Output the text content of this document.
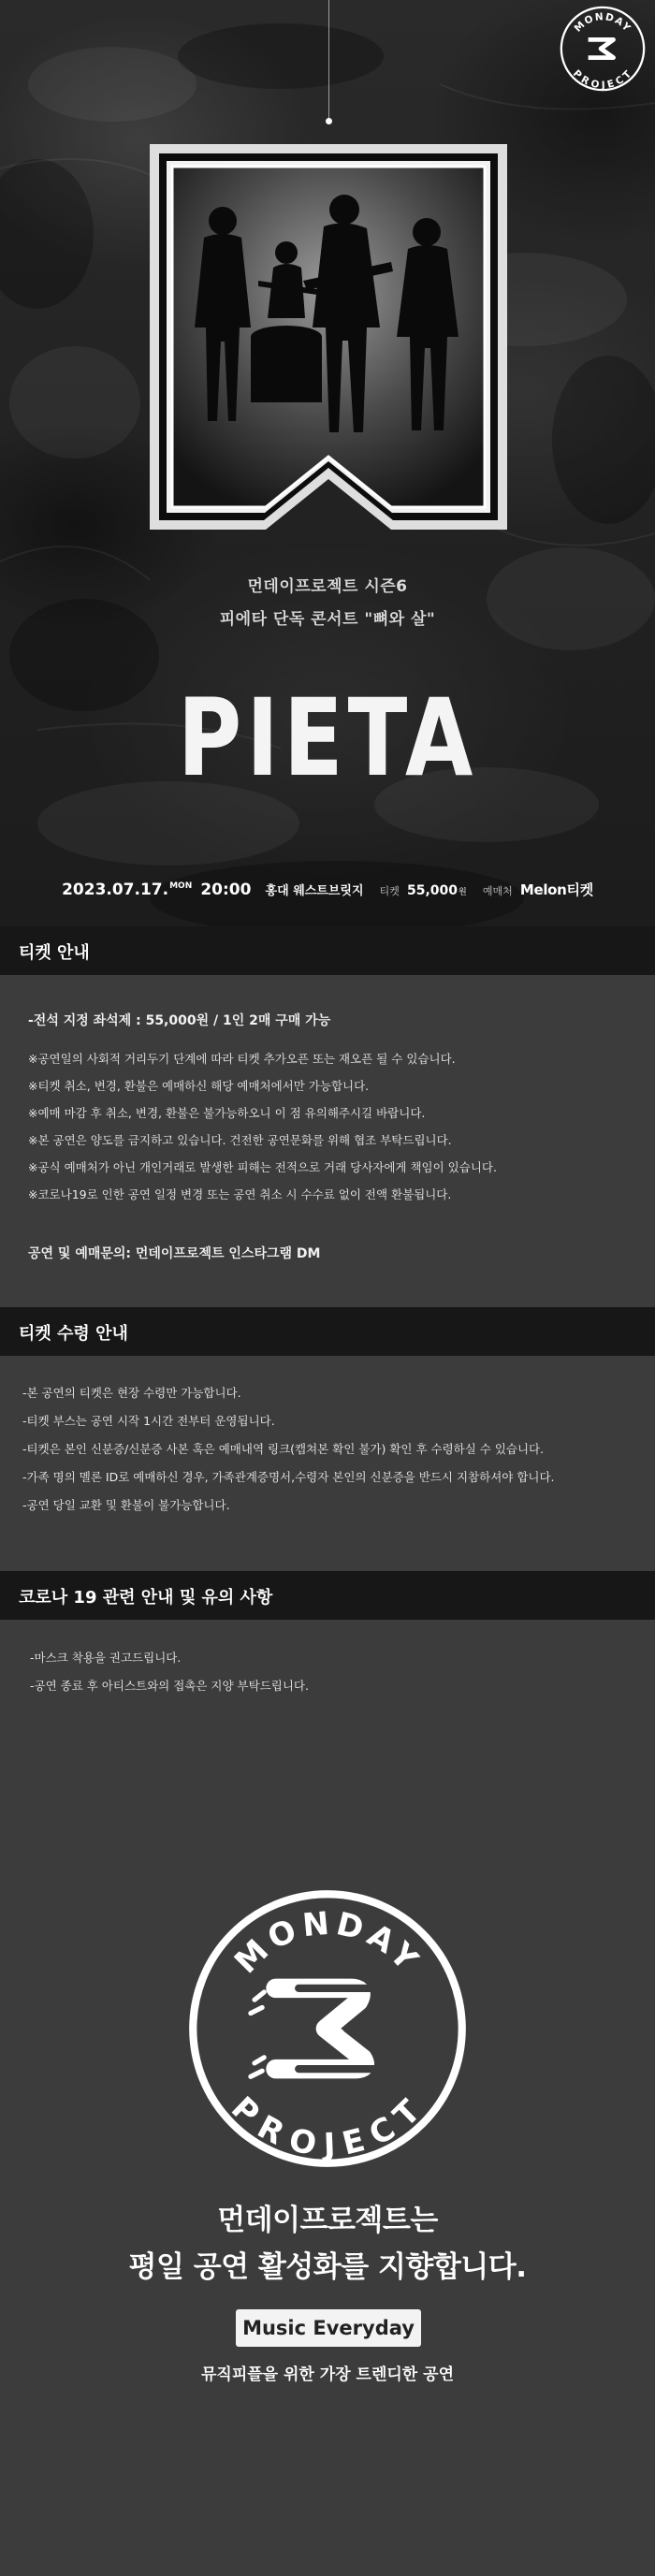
MONDAY
PROJECT
먼데이프로젝트 시즌6
피에타 단독 콘서트 "뼈와 살"
PIETA
2023.07.17.MON 20:00 홍대 웨스트브릿지 티켓 55,000원 예매처 Melon티켓
티켓 안내
-전석 지정 좌석제 : 55,000원 / 1인 2매 구매 가능
※공연일의 사회적 거리두기 단계에 따라 티켓 추가오픈 또는 재오픈 될 수 있습니다.
※티켓 취소, 변경, 환불은 예매하신 해당 예매처에서만 가능합니다.
※예매 마감 후 취소, 변경, 환불은 불가능하오니 이 점 유의해주시길 바랍니다.
※본 공연은 양도를 금지하고 있습니다. 건전한 공연문화를 위해 협조 부탁드립니다.
※공식 예매처가 아닌 개인거래로 발생한 피해는 전적으로 거래 당사자에게 책임이 있습니다.
※코로나19로 인한 공연 일정 변경 또는 공연 취소 시 수수료 없이 전액 환불됩니다.
공연 및 예매문의: 먼데이프로젝트 인스타그램 DM
티켓 수령 안내
-본 공연의 티켓은 현장 수령만 가능합니다.
-티켓 부스는 공연 시작 1시간 전부터 운영됩니다.
-티켓은 본인 신분증/신분증 사본 혹은 예매내역 링크(캡쳐본 확인 불가) 확인 후 수령하실 수 있습니다.
-가족 명의 멜론 ID로 예매하신 경우, 가족관계증명서,수령자 본인의 신분증을 반드시 지참하셔야 합니다.
-공연 당일 교환 및 환불이 불가능합니다.
코로나 19 관련 안내 및 유의 사항
-마스크 착용을 권고드립니다.
-공연 종료 후 아티스트와의 접촉은 지양 부탁드립니다.
MONDAY
PROJECT
먼데이프로젝트는
평일 공연 활성화를 지향합니다.
Music Everyday
뮤직피플을 위한 가장 트렌디한 공연
